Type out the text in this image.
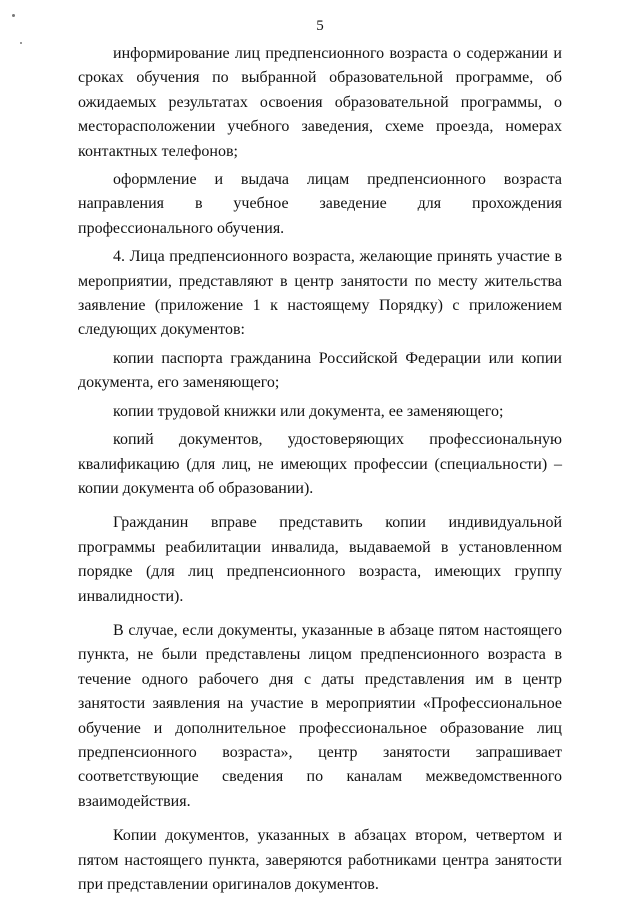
5

информирование лиц предпенсионного возраста о содержании и сроках обучения по выбранной образовательной программе, об ожидаемых результатах освоения образовательной программы, о месторасположении учебного заведения, схеме проезда, номерах контактных телефонов;

оформление и выдача лицам предпенсионного возраста направления в учебное заведение для прохождения профессионального обучения.

4. Лица предпенсионного возраста, желающие принять участие в мероприятии, представляют в центр занятости по месту жительства заявление (приложение 1 к настоящему Порядку) с приложением следующих документов:

копии паспорта гражданина Российской Федерации или копии документа, его заменяющего;

копии трудовой книжки или документа, ее заменяющего;

копий документов, удостоверяющих профессиональную квалификацию (для лиц, не имеющих профессии (специальности) – копии документа об образовании).

Гражданин вправе представить копии индивидуальной программы реабилитации инвалида, выдаваемой в установленном порядке (для лиц предпенсионного возраста, имеющих группу инвалидности).

В случае, если документы, указанные в абзаце пятом настоящего пункта, не были представлены лицом предпенсионного возраста в течение одного рабочего дня с даты представления им в центр занятости заявления на участие в мероприятии «Профессиональное обучение и дополнительное профессиональное образование лиц предпенсионного возраста», центр занятости запрашивает соответствующие сведения по каналам межведомственного взаимодействия.

Копии документов, указанных в абзацах втором, четвертом и пятом настоящего пункта, заверяются работниками центра занятости при представлении оригиналов документов.
